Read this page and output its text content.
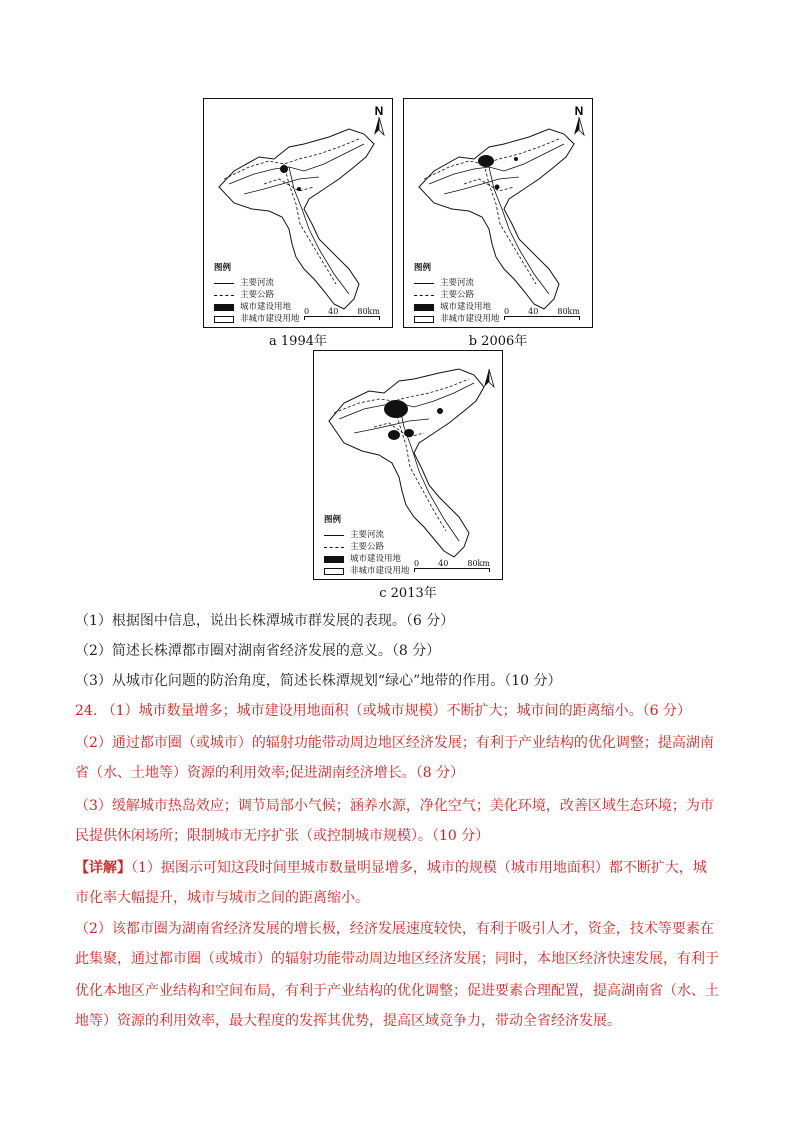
N
图例
主要河流
主要公路
城市建设用地
非城市建设用地
0 40 80km
a 1994年
N
图例
主要河流
主要公路
城市建设用地
非城市建设用地
0 40 80km
b 2006年
图例
主要河流
主要公路
城市建设用地
非城市建设用地
0 40 80km
c 2013年
（1）根据图中信息，说出长株潭城市群发展的表现。（6 分）
（2）简述长株潭都市圈对湖南省经济发展的意义。（8 分）
（3）从城市化问题的防治角度，简述长株潭规划“绿心”地带的作用。（10 分）
24. （1）城市数量增多；城市建设用地面积（或城市规模）不断扩大；城市间的距离缩小。（6 分）
（2）通过都市圈（或城市）的辐射功能带动周边地区经济发展；有利于产业结构的优化调整；提高湖南
省（水、土地等）资源的利用效率;促进湖南经济增长。（8 分）
（3）缓解城市热岛效应；调节局部小气候；涵养水源，净化空气；美化环境，改善区域生态环境；为市
民提供休闲场所；限制城市无序扩张（或控制城市规模）。（10 分）
【详解】（1）据图示可知这段时间里城市数量明显增多，城市的规模（城市用地面积）都不断扩大，城
市化率大幅提升，城市与城市之间的距离缩小。
（2）该都市圈为湖南省经济发展的增长极，经济发展速度较快，有利于吸引人才，资金，技术等要素在
此集聚，通过都市圈（或城市）的辐射功能带动周边地区经济发展；同时，本地区经济快速发展，有利于
优化本地区产业结构和空间布局，有利于产业结构的优化调整；促进要素合理配置，提高湖南省（水、土
地等）资源的利用效率，最大程度的发挥其优势，提高区域竞争力，带动全省经济发展。
